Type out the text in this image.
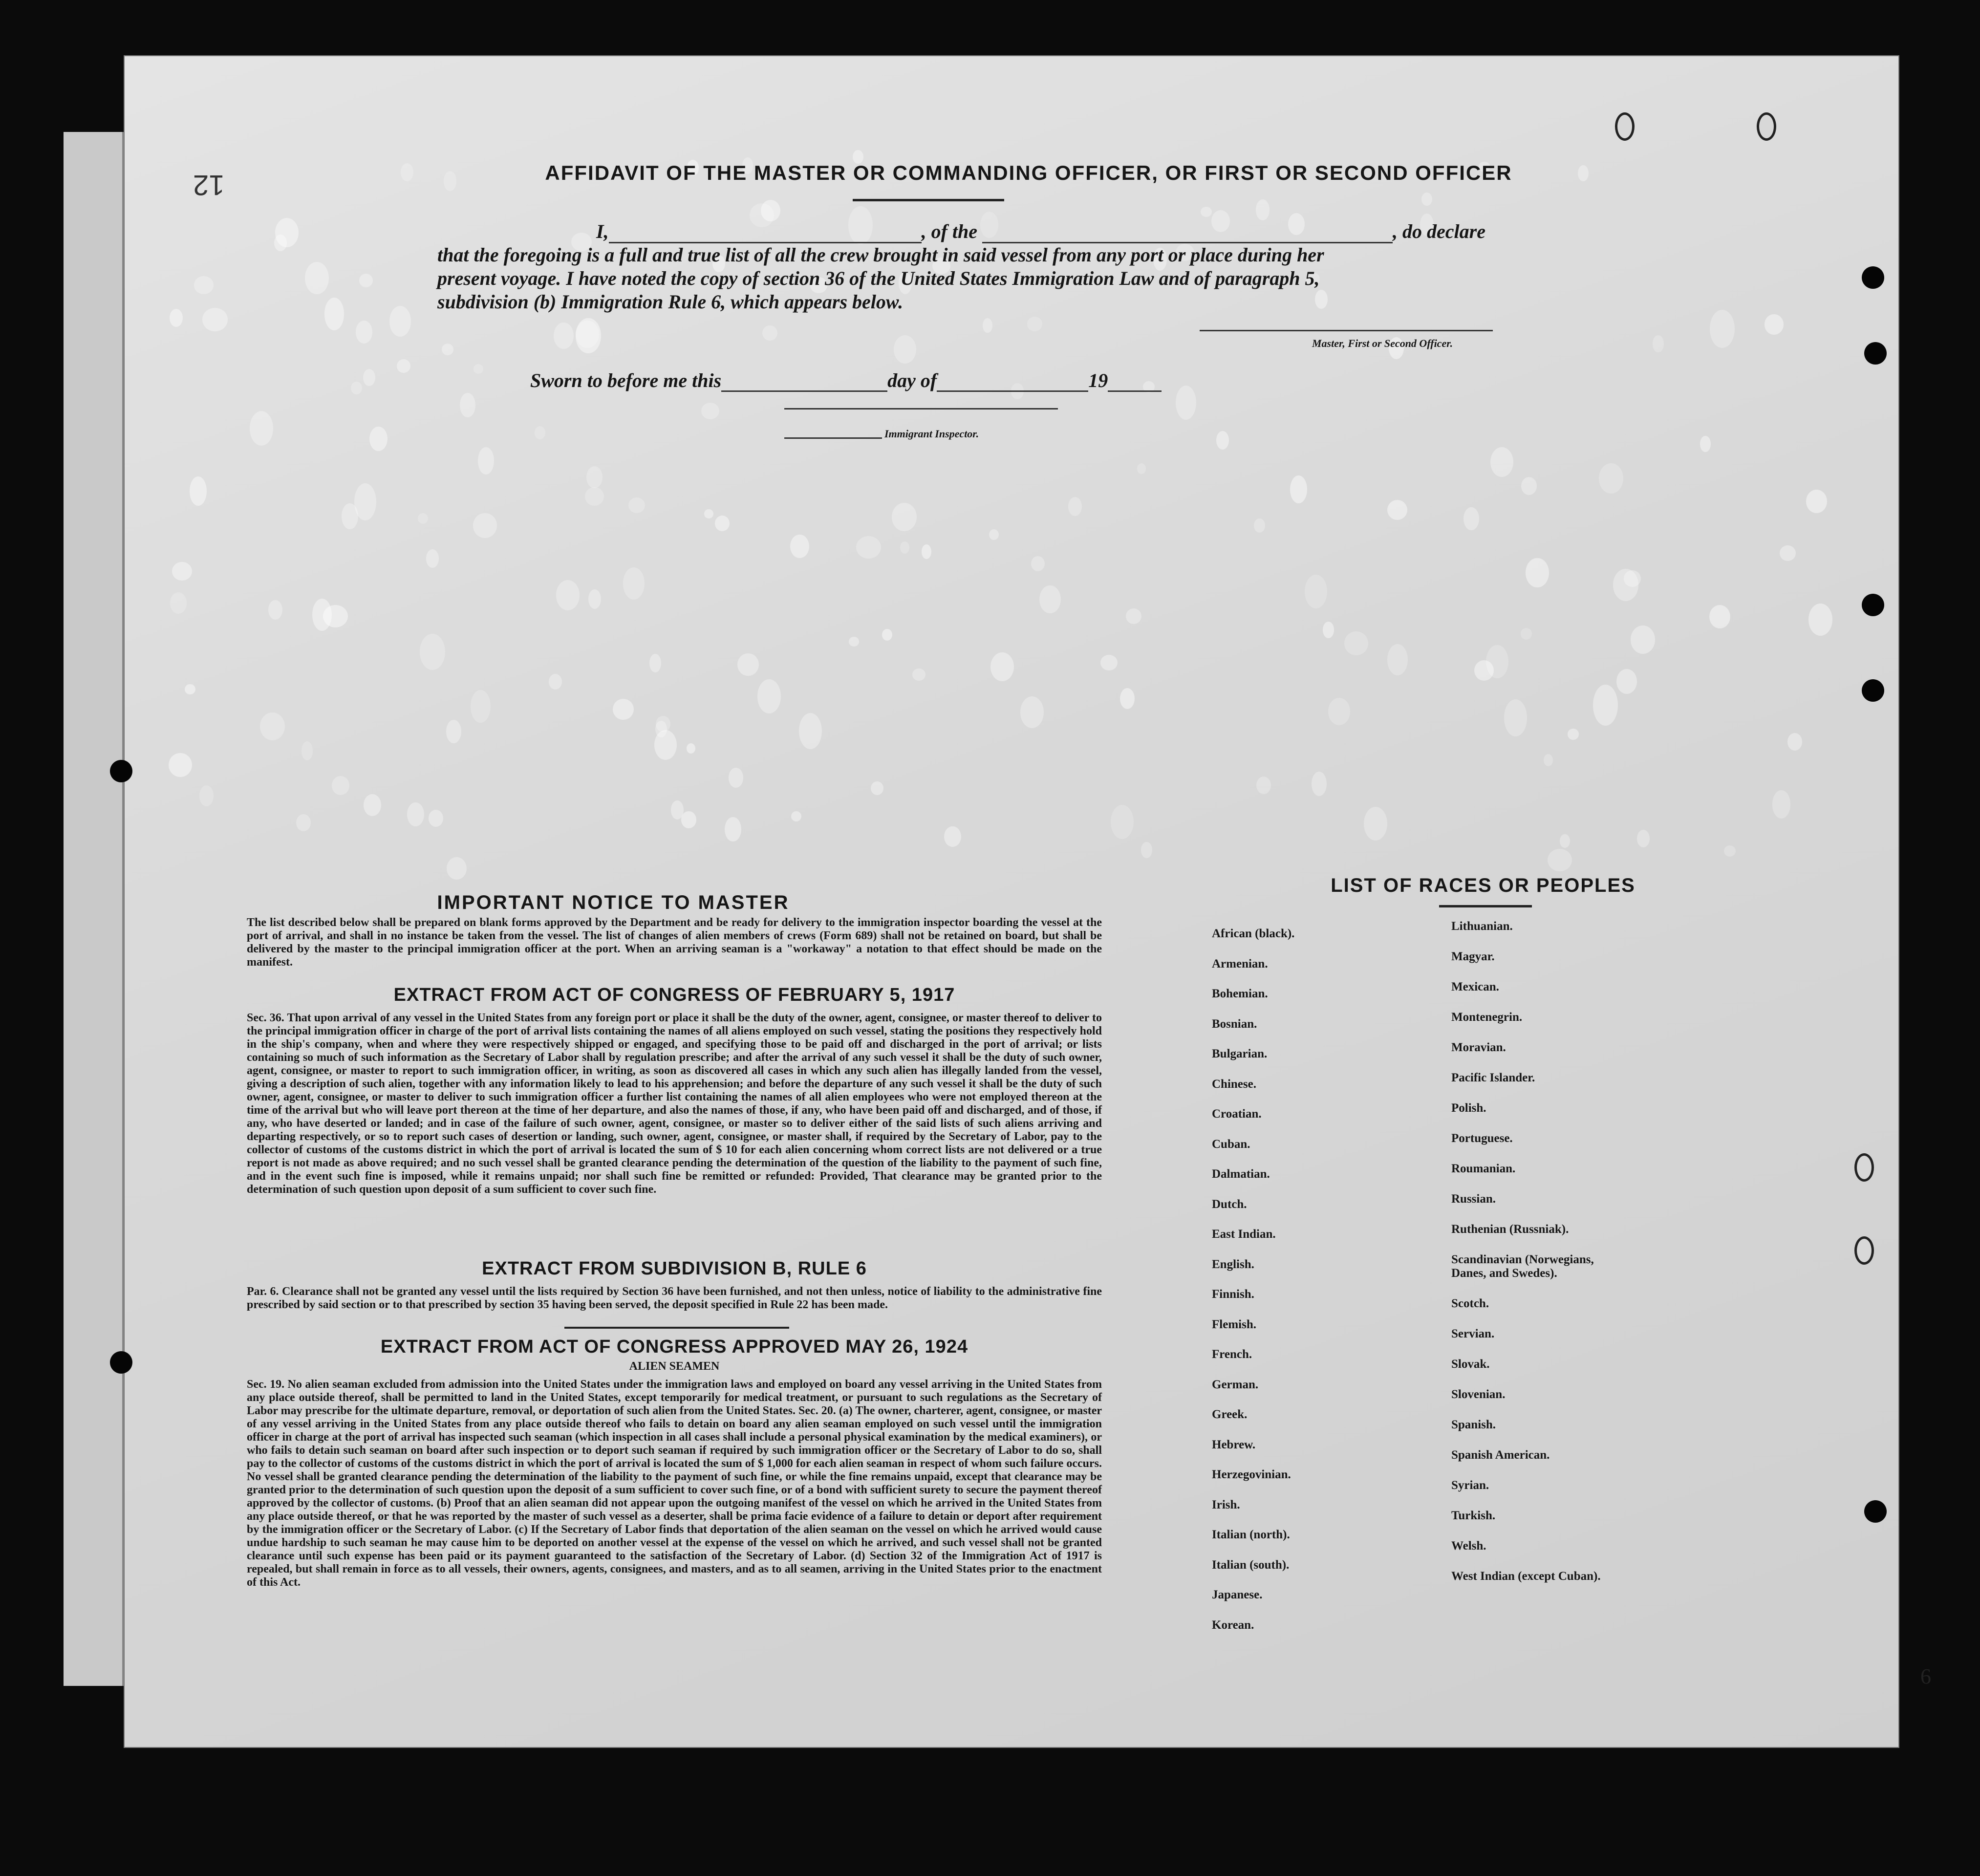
AFFIDAVIT OF THE MASTER OR COMMANDING OFFICER, OR FIRST OR SECOND OFFICER
I,	, of the	, do declare
that the foregoing is a full and true list of all the crew brought in said vessel from any port or place during her
present voyage. I have noted the copy of section 36 of the United States Immigration Law and of paragraph 5,
subdivision (b) Immigration Rule 6, which appears below.
Master, First or Second Officer.
Sworn to before me this	day of	19
Immigrant Inspector.
IMPORTANT NOTICE TO MASTER
The list described below shall be prepared on blank forms approved by the Department and be ready for delivery to the immigration inspector boarding the vessel at the port of arrival, and shall in no instance be taken from the vessel. The list of changes of alien members of crews (Form 689) shall not be retained on board, but shall be delivered by the master to the principal immigration officer at the port. When an arriving seaman is a "workaway" a notation to that effect should be made on the manifest.
EXTRACT FROM ACT OF CONGRESS OF FEBRUARY 5, 1917
Sec. 36. That upon arrival of any vessel in the United States from any foreign port or place it shall be the duty of the owner, agent, consignee, or master thereof to deliver to the principal immigration officer in charge of the port of arrival lists containing the names of all aliens employed on such vessel, stating the positions they respectively hold in the ship's company, when and where they were respectively shipped or engaged, and specifying those to be paid off and discharged in the port of arrival; or lists containing so much of such information as the Secretary of Labor shall by regulation prescribe; and after the arrival of any such vessel it shall be the duty of such owner, agent, consignee, or master to report to such immigration officer, in writing, as soon as discovered all cases in which any such alien has illegally landed from the vessel, giving a description of such alien, together with any information likely to lead to his apprehension; and before the departure of any such vessel it shall be the duty of such owner, agent, consignee, or master to deliver to such immigration officer a further list containing the names of all alien employees who were not employed thereon at the time of the arrival but who will leave port thereon at the time of her departure, and also the names of those, if any, who have been paid off and discharged, and of those, if any, who have deserted or landed; and in case of the failure of such owner, agent, consignee, or master so to deliver either of the said lists of such aliens arriving and departing respectively, or so to report such cases of desertion or landing, such owner, agent, consignee, or master shall, if required by the Secretary of Labor, pay to the collector of customs of the customs district in which the port of arrival is located the sum of $ 10 for each alien concerning whom correct lists are not delivered or a true report is not made as above required; and no such vessel shall be granted clearance pending the determination of the question of the liability to the payment of such fine, and in the event such fine is imposed, while it remains unpaid; nor shall such fine be remitted or refunded: Provided, That clearance may be granted prior to the determination of such question upon deposit of a sum sufficient to cover such fine.
EXTRACT FROM SUBDIVISION B, RULE 6
Par. 6. Clearance shall not be granted any vessel until the lists required by Section 36 have been furnished, and not then unless, notice of liability to the administrative fine prescribed by said section or to that prescribed by section 35 having been served, the deposit specified in Rule 22 has been made.
EXTRACT FROM ACT OF CONGRESS APPROVED MAY 26, 1924
ALIEN SEAMEN
Sec. 19. No alien seaman excluded from admission into the United States under the immigration laws and employed on board any vessel arriving in the United States from any place outside thereof, shall be permitted to land in the United States, except temporarily for medical treatment, or pursuant to such regulations as the Secretary of Labor may prescribe for the ultimate departure, removal, or deportation of such alien from the United States. Sec. 20. (a) The owner, charterer, agent, consignee, or master of any vessel arriving in the United States from any place outside thereof who fails to detain on board any alien seaman employed on such vessel until the immigration officer in charge at the port of arrival has inspected such seaman (which inspection in all cases shall include a personal physical examination by the medical examiners), or who fails to detain such seaman on board after such inspection or to deport such seaman if required by such immigration officer or the Secretary of Labor to do so, shall pay to the collector of customs of the customs district in which the port of arrival is located the sum of $ 1,000 for each alien seaman in respect of whom such failure occurs. No vessel shall be granted clearance pending the determination of the liability to the payment of such fine, or while the fine remains unpaid, except that clearance may be granted prior to the determination of such question upon the deposit of a sum sufficient to cover such fine, or of a bond with sufficient surety to secure the payment thereof approved by the collector of customs. (b) Proof that an alien seaman did not appear upon the outgoing manifest of the vessel on which he arrived in the United States from any place outside thereof, or that he was reported by the master of such vessel as a deserter, shall be prima facie evidence of a failure to detain or deport after requirement by the immigration officer or the Secretary of Labor. (c) If the Secretary of Labor finds that deportation of the alien seaman on the vessel on which he arrived would cause undue hardship to such seaman he may cause him to be deported on another vessel at the expense of the vessel on which he arrived, and such vessel shall not be granted clearance until such expense has been paid or its payment guaranteed to the satisfaction of the Secretary of Labor. (d) Section 32 of the Immigration Act of 1917 is repealed, but shall remain in force as to all vessels, their owners, agents, consignees, and masters, and as to all seamen, arriving in the United States prior to the enactment of this Act.
LIST OF RACES OR PEOPLES
African (black).
Armenian.
Bohemian.
Bosnian.
Bulgarian.
Chinese.
Croatian.
Cuban.
Dalmatian.
Dutch.
East Indian.
English.
Finnish.
Flemish.
French.
German.
Greek.
Hebrew.
Herzegovinian.
Irish.
Italian (north).
Italian (south).
Japanese.
Korean.
Lithuanian.
Magyar.
Mexican.
Montenegrin.
Moravian.
Pacific Islander.
Polish.
Portuguese.
Roumanian.
Russian.
Ruthenian (Russniak).
Scandinavian (Norwegians, Danes, and Swedes).
Scotch.
Servian.
Slovak.
Slovenian.
Spanish.
Spanish American.
Syrian.
Turkish.
Welsh.
West Indian (except Cuban).
6
12
